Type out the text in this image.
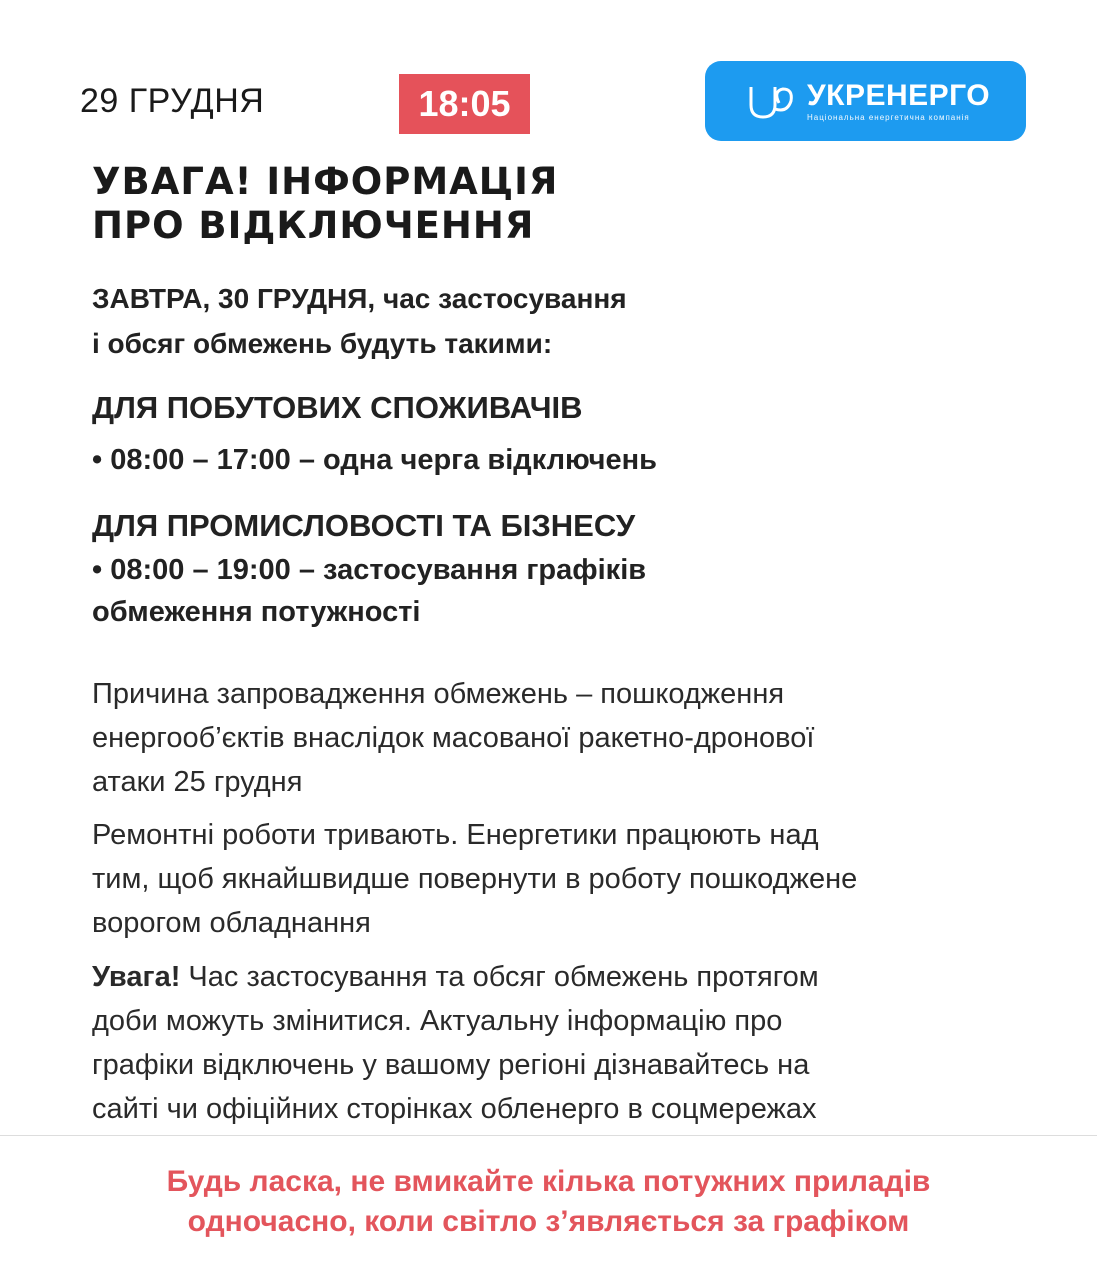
29 ГРУДНЯ	18:05	УКРЕНЕРГО
Національна енергетична компанія
УВАГА! ІНФОРМАЦІЯ
ПРО ВІДКЛЮЧЕННЯ
ЗАВТРА, 30 ГРУДНЯ, час застосування
і обсяг обмежень будуть такими:
ДЛЯ ПОБУТОВИХ СПОЖИВАЧІВ
• 08:00 – 17:00 – одна черга відключень
ДЛЯ ПРОМИСЛОВОСТІ ТА БІЗНЕСУ
• 08:00 – 19:00 – застосування графіків
обмеження потужності
Причина запровадження обмежень – пошкодження
енергооб’єктів внаслідок масованої ракетно-дронової
атаки 25 грудня
Ремонтні роботи тривають. Енергетики працюють над
тим, щоб якнайшвидше повернути в роботу пошкоджене
ворогом обладнання
Увага! Час застосування та обсяг обмежень протягом
доби можуть змінитися. Актуальну інформацію про
графіки відключень у вашому регіоні дізнавайтесь на
сайті чи офіційних сторінках обленерго в соцмережах
Будь ласка, не вмикайте кілька потужних приладів
одночасно, коли світло з’являється за графіком
